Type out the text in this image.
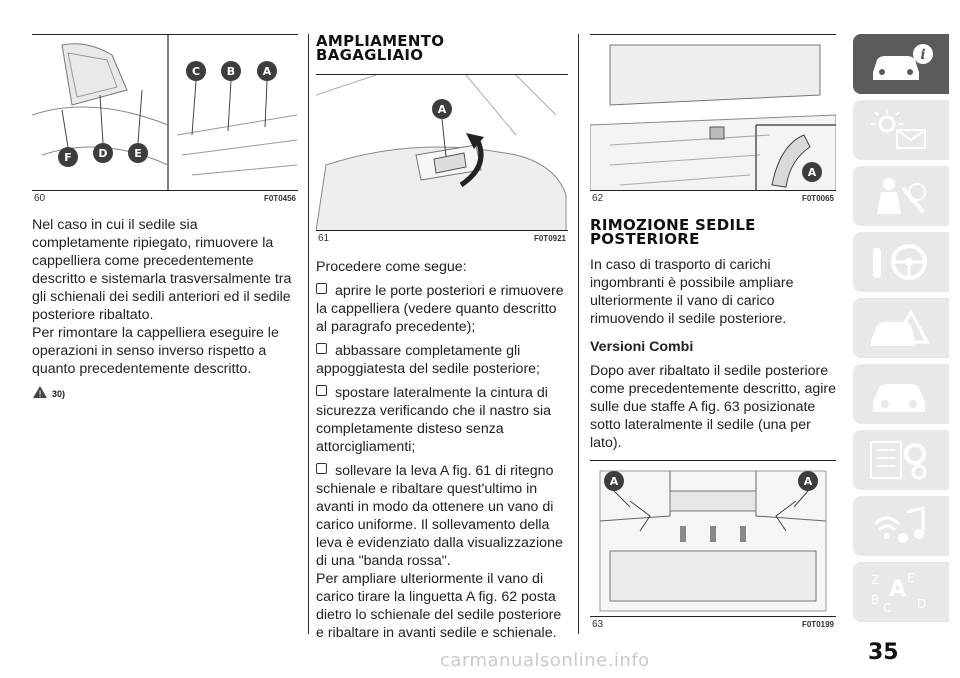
C B	A
F D E
60	F0T0456

Nel caso in cui il sedile sia completamente ripiegato, rimuovere la cappelliera come precedentemente descritto e sistemarla trasversalmente tra gli schienali dei sedili anteriori ed il sedile posteriore ribaltato.

Per rimontare la cappelliera eseguire le operazioni in senso inverso rispetto a quanto precedentemente descritto.

! 30)
AMPLIAMENTO
BAGAGLIAIO
A
61	F0T0921

Procedere come segue:

aprire le porte posteriori e rimuovere la cappelliera (vedere quanto descritto al paragrafo precedente);

abbassare completamente gli appoggiatesta del sedile posteriore;

spostare lateralmente la cintura di sicurezza verificando che il nastro sia completamente disteso senza attorcigliamenti;

sollevare la leva A fig. 61 di ritegno schienale e ribaltare quest'ultimo in avanti in modo da ottenere un vano di carico uniforme. Il sollevamento della leva è evidenziato dalla visualizzazione di una "banda rossa".

Per ampliare ulteriormente il vano di carico tirare la linguetta A fig. 62 posta dietro lo schienale del sedile posteriore e ribaltare in avanti sedile e schienale.

A
62	F0T0065
RIMOZIONE SEDILE
POSTERIORE

In caso di trasporto di carichi ingombranti è possibile ampliare ulteriormente il vano di carico rimuovendo il sedile posteriore.

Versioni Combi

Dopo aver ribaltato il sedile posteriore come precedentemente descritto, agire sulle due staffe A fig. 63 posizionate sotto lateralmente il sedile (una per lato).

A	A
63	F0T0199
i
Z E
B A
C D
35
carmanualsonline.info
